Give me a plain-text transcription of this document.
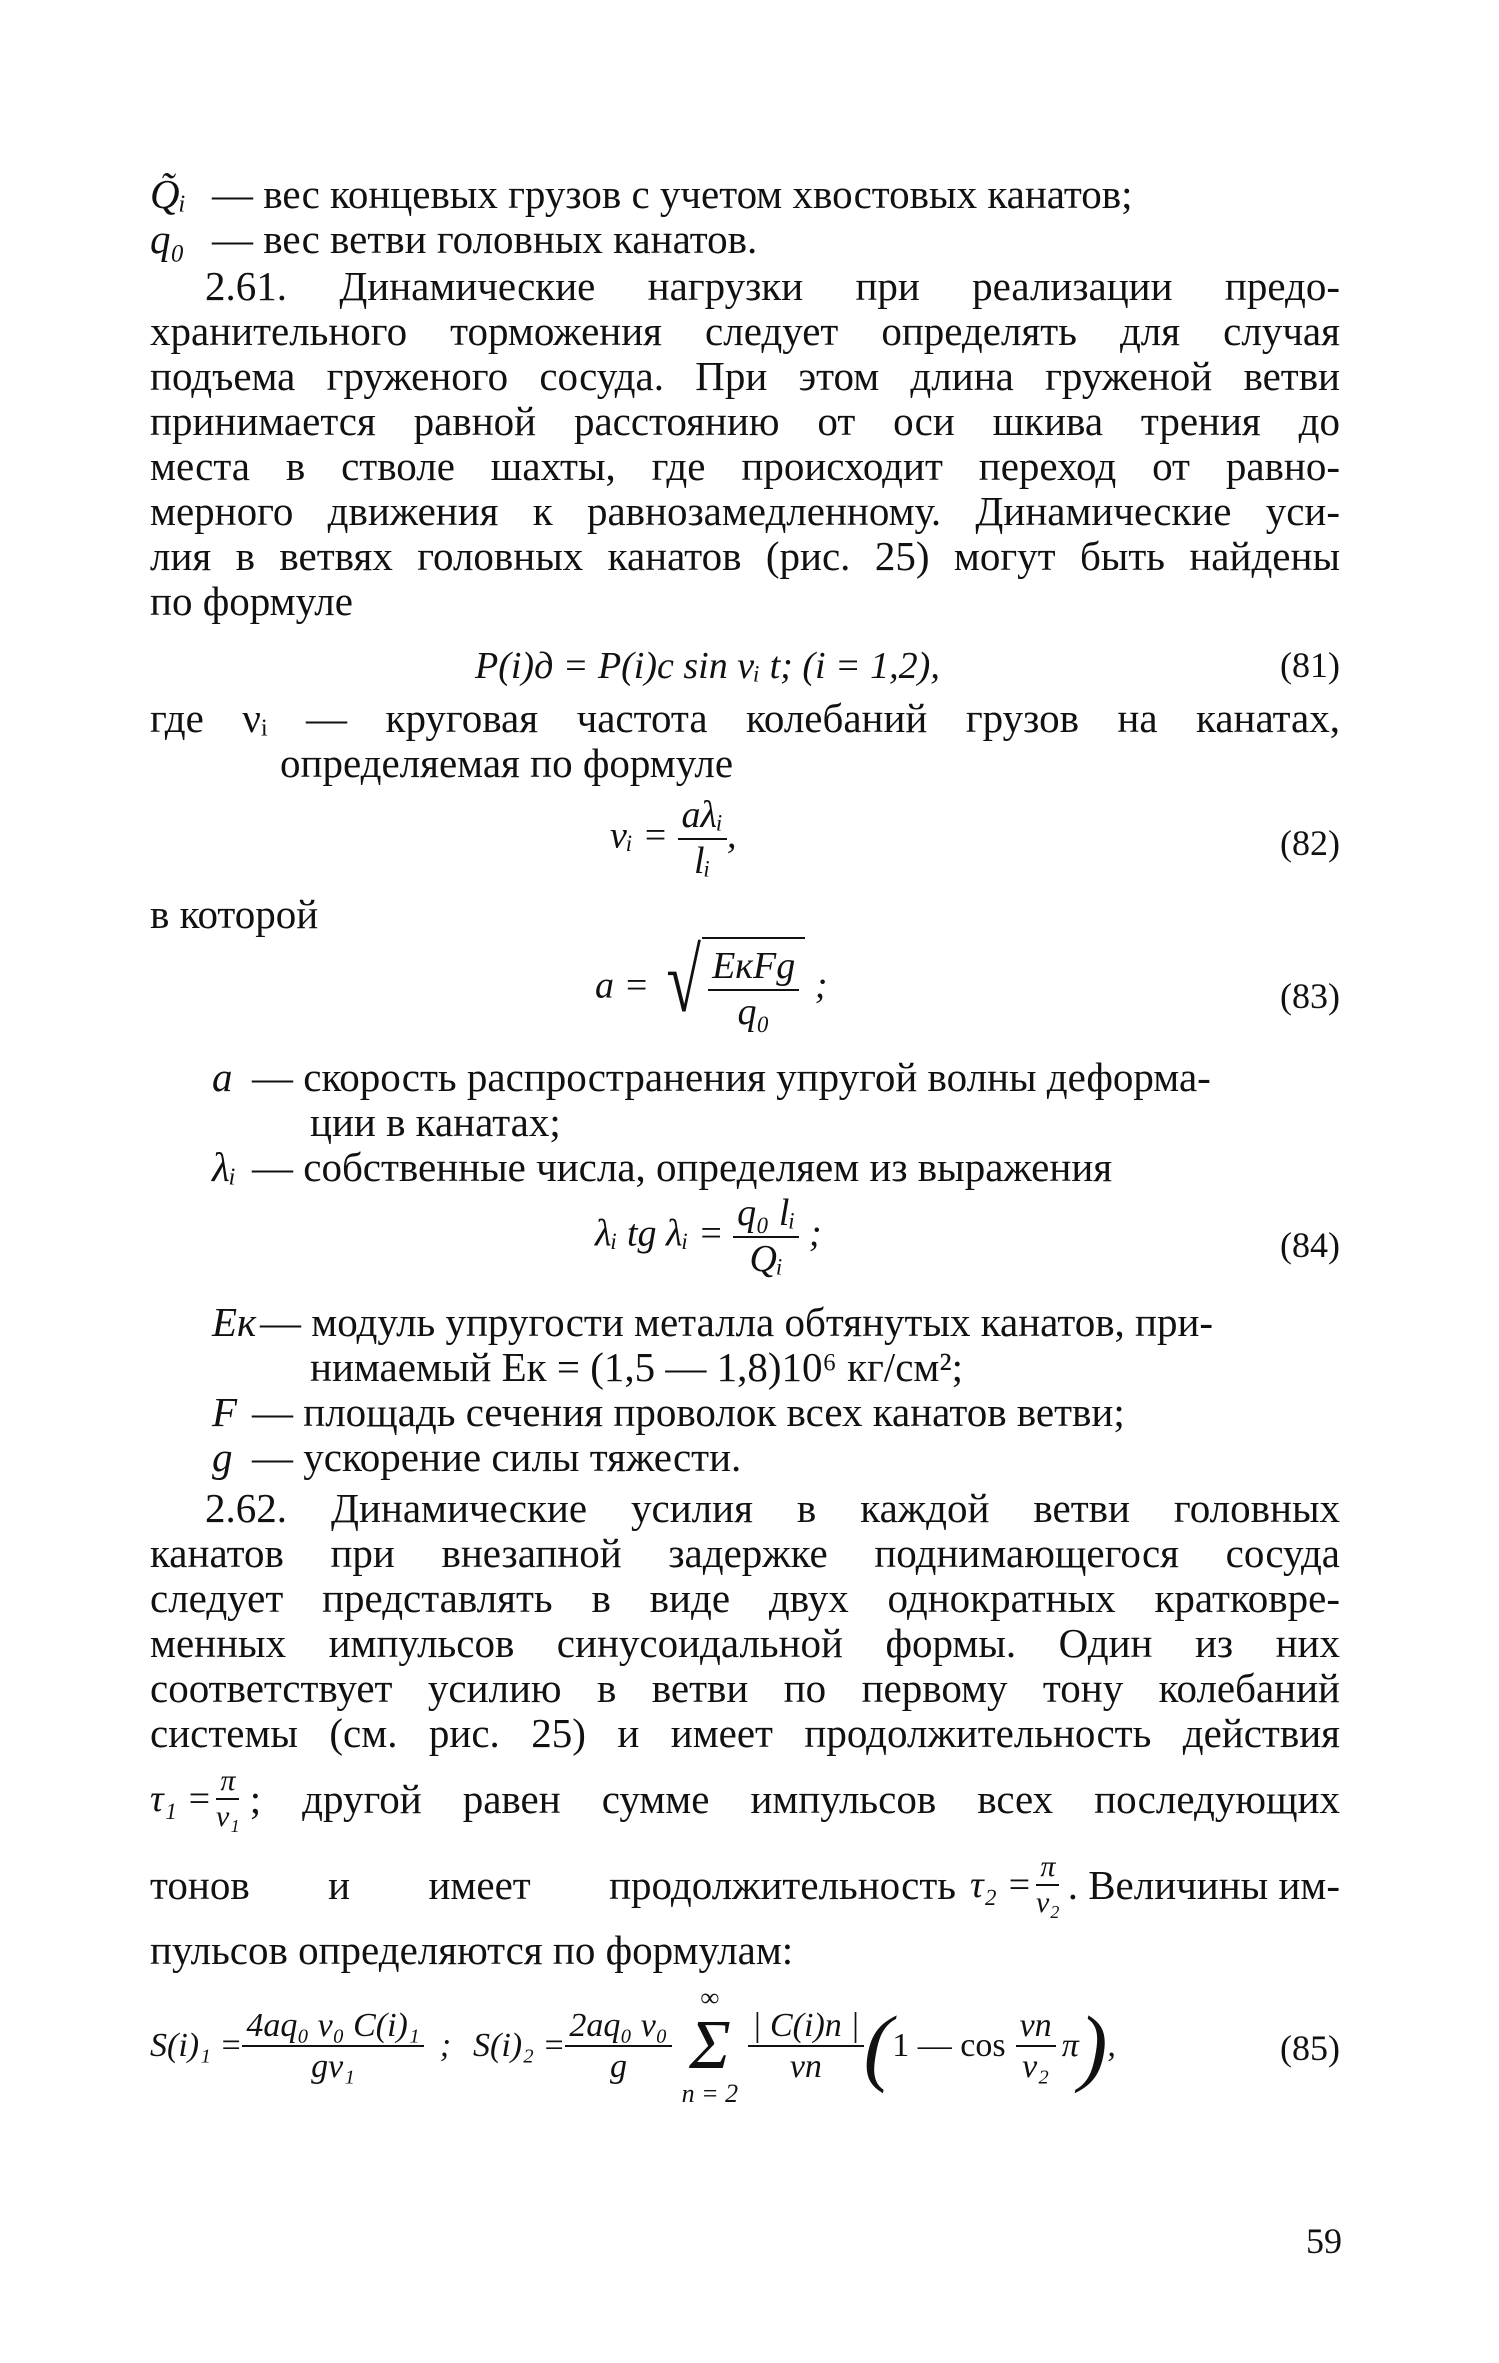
Q̃ᵢ — вес концевых грузов с учетом хвостовых канатов;
q₀ — вес ветви головных канатов.
2.61. Динамические нагрузки при реализации предо-
хранительного торможения следует определять для случая
подъема груженого сосуда. При этом длина груженой ветви
принимается равной расстоянию от оси шкива трения до
места в стволе шахты, где происходит переход от равно-
мерного движения к равнозамедленному. Динамические уси-
лия в ветвях головных канатов (рис. 25) могут быть найдены
по формуле
P(i)д = P(i)с sin νᵢ t; (i = 1,2),	(81)
где νᵢ — круговая частота колебаний грузов на канатах,
определяемая по формуле
νᵢ = $\frac{\text{aλᵢ}}{\text{lᵢ}}$ ,	(82)
в которой
a = √ $\frac{\text{EкFg}}{\text{q₀}}$ ;	(83)
a — скорость распространения упругой волны деформа-
ции в канатах;
λᵢ — собственные числа, определяем из выражения
λᵢ tg λᵢ = $\frac{\text{q₀ lᵢ}}{\text{Qᵢ}}$ ;	(84)
Eк — модуль упругости металла обтянутых канатов, при-
нимаемый Eк = (1,5 — 1,8)10⁶ кг/см²;
F — площадь сечения проволок всех канатов ветви;
g — ускорение силы тяжести.
2.62. Динамические усилия в каждой ветви головных
канатов при внезапной задержке поднимающегося сосуда
следует представлять в виде двух однократных кратковре-
менных импульсов синусоидальной формы. Один из них
соответствует усилию в ветви по первому тону колебаний
системы (см. рис. 25) и имеет продолжительность действия
$\tau_1 = \frac{\pi}{\text{ν₁}}$ ; другой равен сумме импульсов всех последующих
тонов и имеет продолжительность $\tau_2 = \frac{\pi}{\text{ν₂}}$ . Величины им-
пульсов определяются по формулам:
$S(i)_1 = \frac{\text{4aq₀ v₀ C(i)₁}}{\text{gν₁}}$ ; $S(i)_2 = \frac{\text{2aq₀ v₀}}{g}$
∞
Σ
n = 2
$\frac{| C(i)п |}{\nu п}$ ( 1 — $\cos \frac{\nu п}{\text{ν₂}}$ π ) ,	(85)
59
